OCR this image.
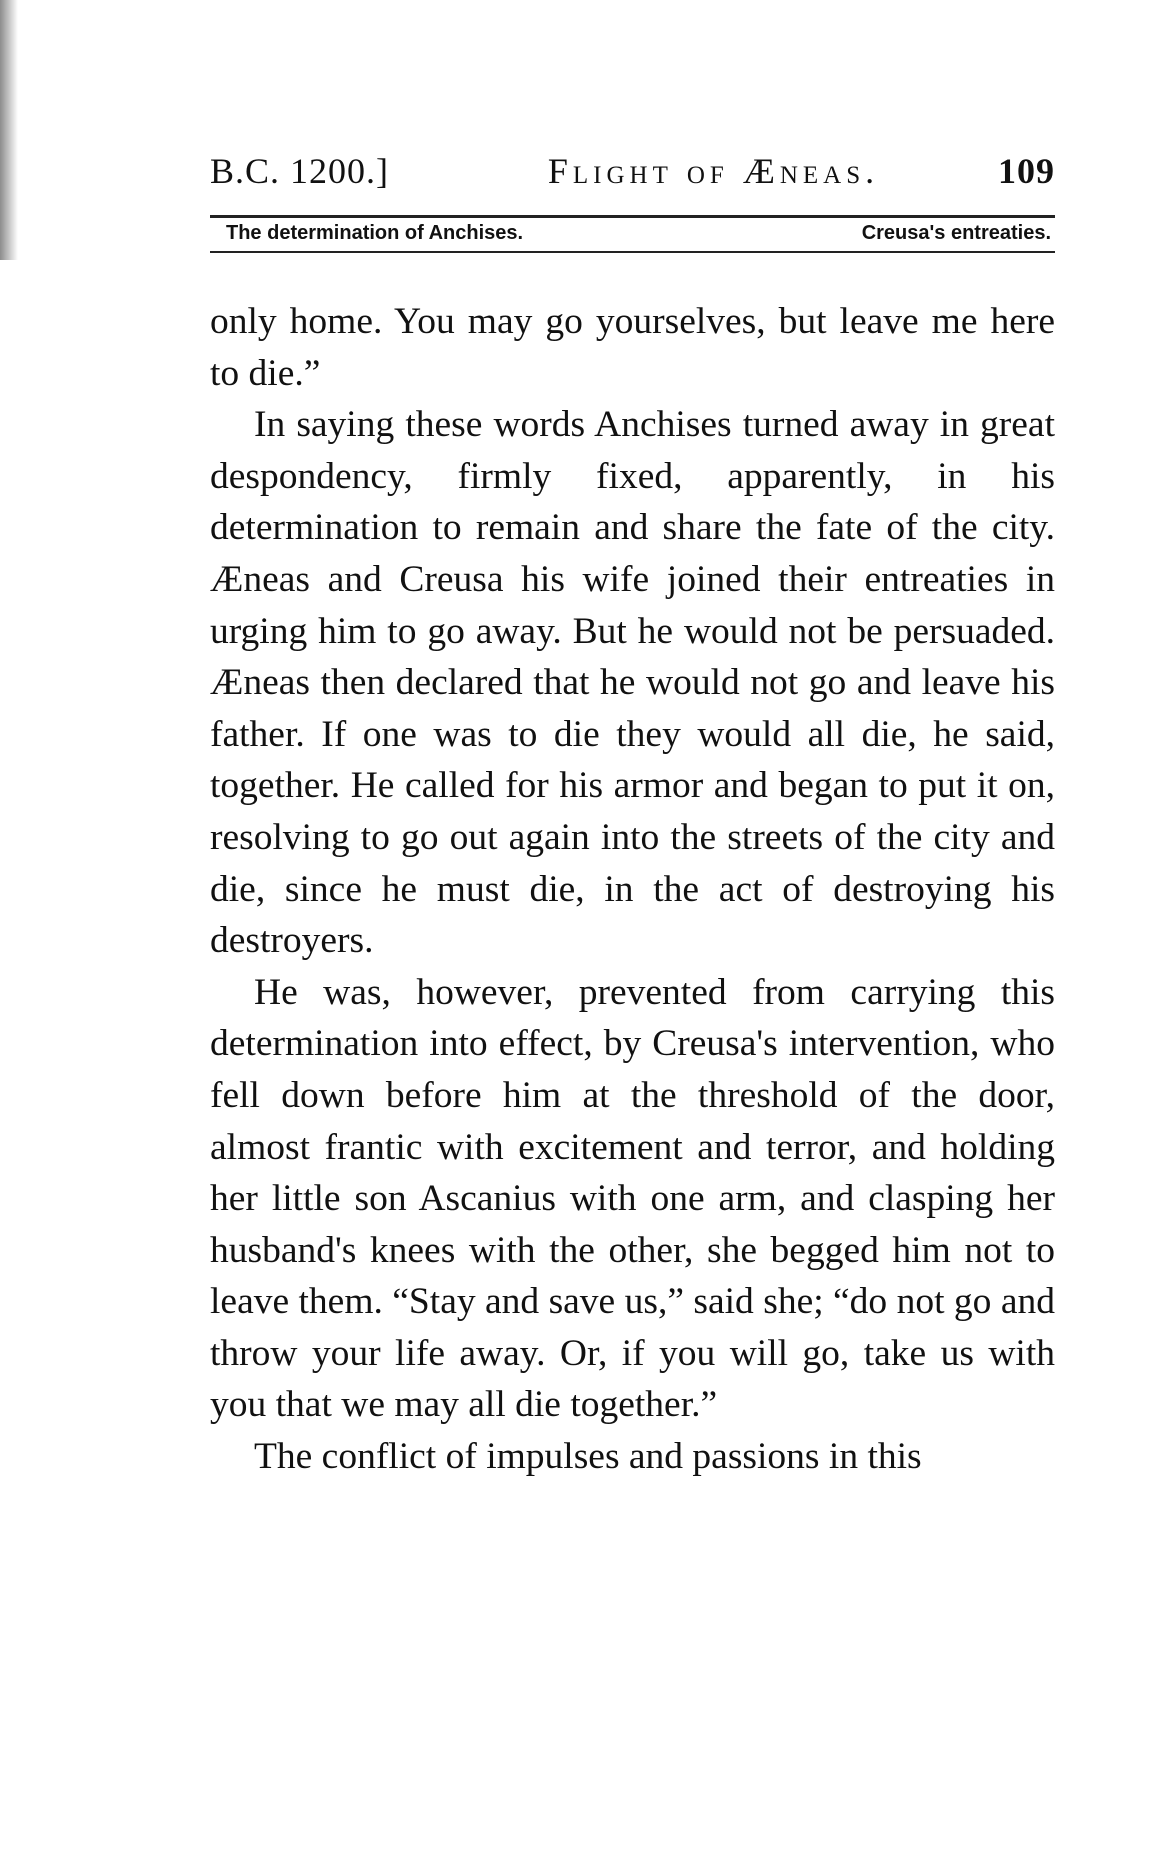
B.C. 1200.]	Flight of Æneas.	109
The determination of Anchises.	Creusa's entreaties.

only home. You may go yourselves, but leave me here to die.”

In saying these words Anchises turned away in great despondency, firmly fixed, apparently, in his determination to remain and share the fate of the city. Æneas and Creusa his wife joined their entreaties in urging him to go away. But he would not be persuaded. Æneas then declared that he would not go and leave his father. If one was to die they would all die, he said, together. He called for his armor and began to put it on, resolving to go out again into the streets of the city and die, since he must die, in the act of destroying his destroyers.

He was, however, prevented from carrying this determination into effect, by Creusa's intervention, who fell down before him at the threshold of the door, almost frantic with excitement and terror, and holding her little son Ascanius with one arm, and clasping her husband's knees with the other, she begged him not to leave them. “Stay and save us,” said she; “do not go and throw your life away. Or, if you will go, take us with you that we may all die together.”

The conflict of impulses and passions in this
